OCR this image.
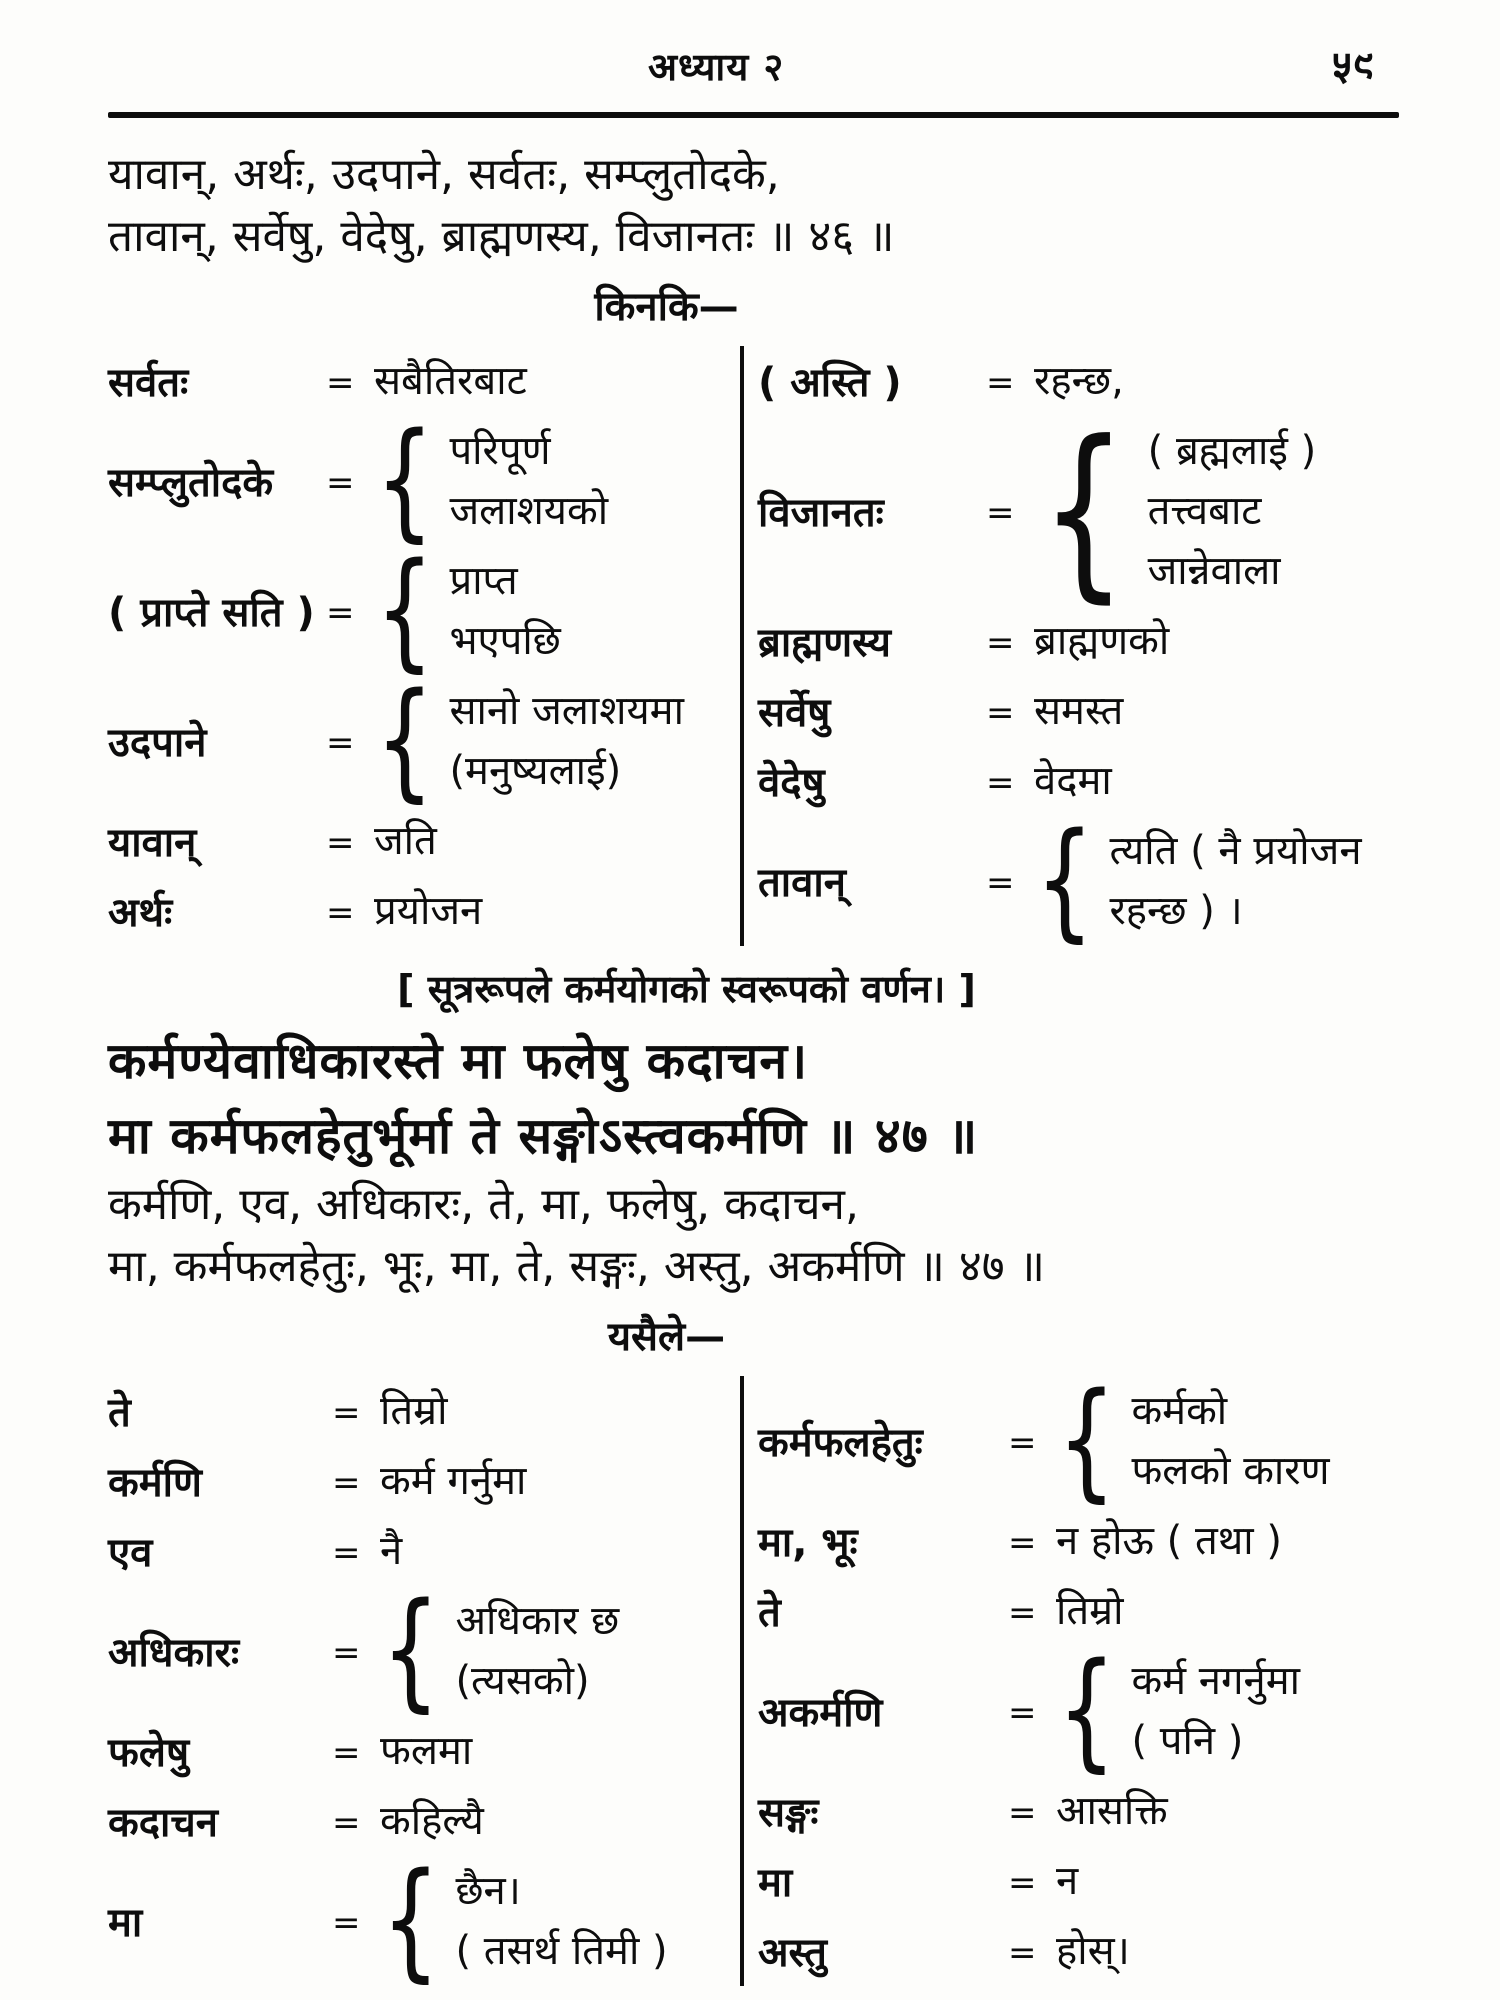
अध्याय २	५९
यावान्, अर्थः, उदपाने, सर्वतः, सम्प्लुतोदके,
तावान्, सर्वेषु, वेदेषु, ब्राह्मणस्य, विजानतः ॥ ४६ ॥
किनकि—
सर्वतः	= सबैतिरबाट
सम्प्लुतोदके	= { परिपूर्ण
जलाशयको
( प्राप्ते सति ) = { प्राप्त
भएपछि
उदपाने	= { सानो जलाशयमा
(मनुष्यलाई)
यावान्	= जति
अर्थः	= प्रयोजन
( अस्ति )	= रहन्छ,
विजानतः	= { ( ब्रह्मलाई )
तत्त्वबाट
जान्नेवाला
ब्राह्मणस्य	= ब्राह्मणको
सर्वेषु	= समस्त
वेदेषु	= वेदमा
तावान्	= { त्यति ( नै प्रयोजन
रहन्छ ) ।
[ सूत्ररूपले कर्मयोगको स्वरूपको वर्णन। ]
कर्मण्येवाधिकारस्ते मा फलेषु कदाचन।
मा कर्मफलहेतुर्भूर्मा ते सङ्गोऽस्त्वकर्मणि ॥ ४७ ॥
कर्मणि, एव, अधिकारः, ते, मा, फलेषु, कदाचन,
मा, कर्मफलहेतुः, भूः, मा, ते, सङ्गः, अस्तु, अकर्मणि ॥ ४७ ॥
यसैले—
ते	= तिम्रो
कर्मणि	= कर्म गर्नुमा
एव	= नै
अधिकारः	= { अधिकार छ
(त्यसको)
फलेषु	= फलमा
कदाचन	= कहिल्यै
मा	= { छैन।
( तसर्थ तिमी )
कर्मफलहेतुः	= { कर्मको
फलको कारण
मा, भूः	= न होऊ ( तथा )
ते	= तिम्रो
अकर्मणि	= { कर्म नगर्नुमा
( पनि )
सङ्गः	= आसक्ति
मा	= न
अस्तु	= होस्।
